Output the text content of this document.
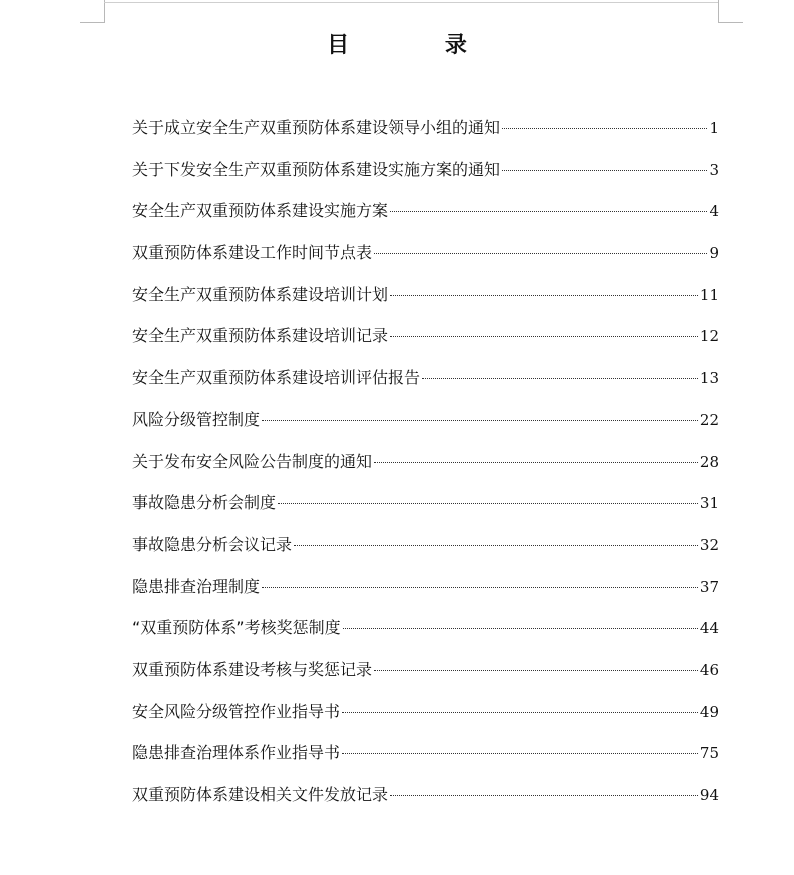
目 录
关于成立安全生产双重预防体系建设领导小组的通知	1
关于下发安全生产双重预防体系建设实施方案的通知	3
安全生产双重预防体系建设实施方案	4
双重预防体系建设工作时间节点表	9
安全生产双重预防体系建设培训计划	11
安全生产双重预防体系建设培训记录	12
安全生产双重预防体系建设培训评估报告	13
风险分级管控制度	22
关于发布安全风险公告制度的通知	28
事故隐患分析会制度	31
事故隐患分析会议记录	32
隐患排查治理制度	37
“双重预防体系”考核奖惩制度	44
双重预防体系建设考核与奖惩记录	46
安全风险分级管控作业指导书	49
隐患排查治理体系作业指导书	75
双重预防体系建设相关文件发放记录	94
